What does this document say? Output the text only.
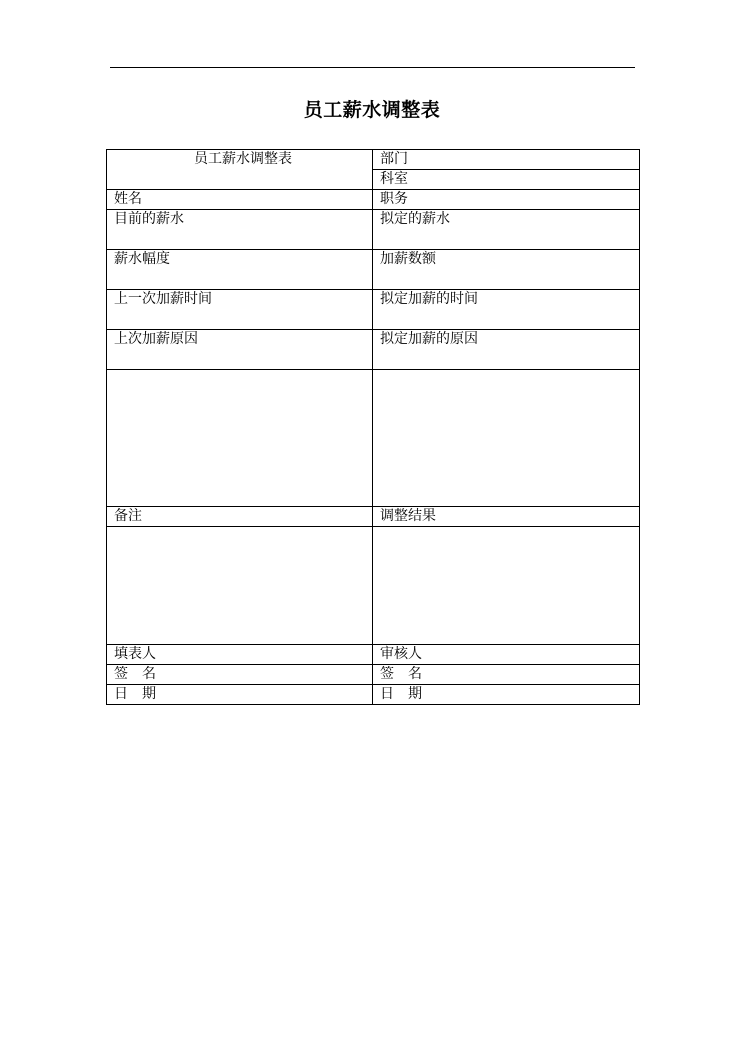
员工薪水调整表
员工薪水调整表	部门
	科室
姓名	职务
目前的薪水	拟定的薪水
薪水幅度	加薪数额
上一次加薪时间	拟定加薪的时间
上次加薪原因	拟定加薪的原因

备注	调整结果

填表人	审核人
签　名	签　名
日　期	日　期
